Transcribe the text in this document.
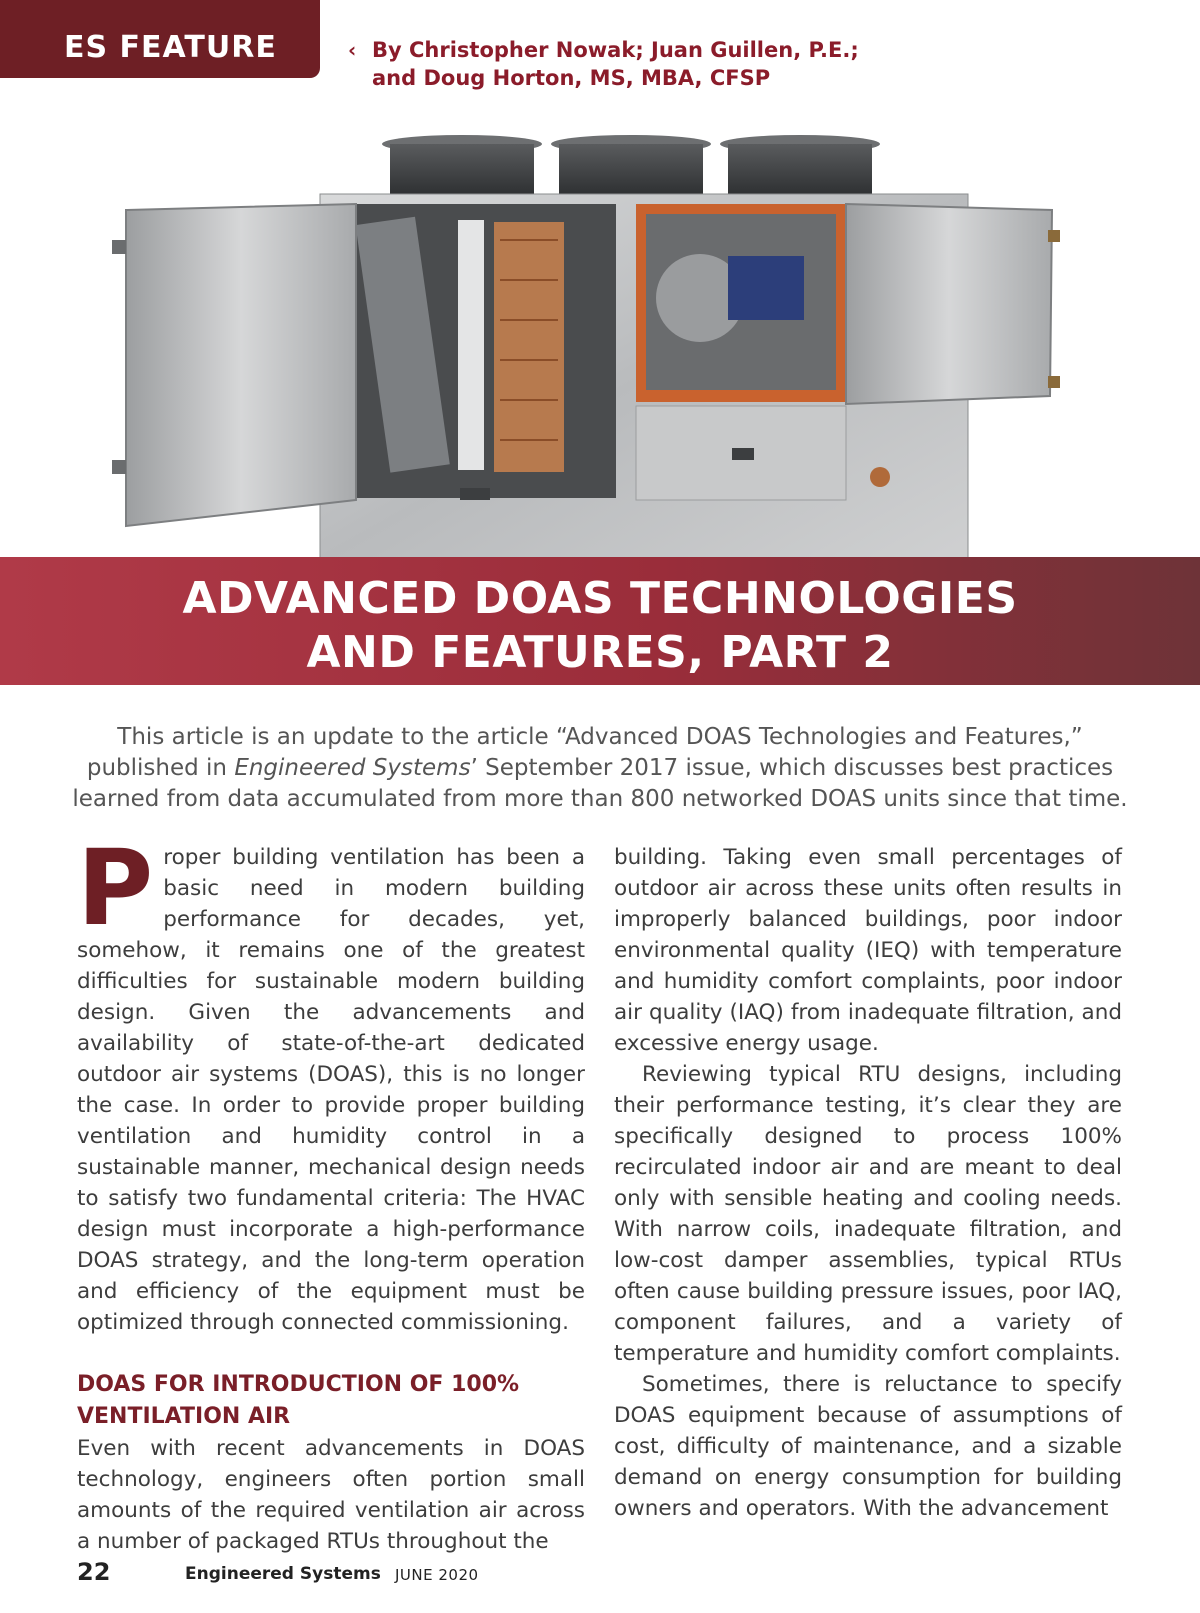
ES FEATURE	‹ By Christopher Nowak; Juan Guillen, P.E.;
and Doug Horton, MS, MBA, CFSP
ADVANCED DOAS TECHNOLOGIES
AND FEATURES, PART 2
This article is an update to the article “Advanced DOAS Technologies and Features,” published in Engineered Systems’ September 2017 issue, which discusses best practices learned from data accumulated from more than 800 networked DOAS units since that time.

Proper building ventilation has been a basic need in modern building performance for decades, yet, somehow, it remains one of the greatest difficulties for sustainable modern building design. Given the advancements and availability of state-of-the-art dedicated outdoor air systems (DOAS), this is no longer the case. In order to provide proper building ventilation and humidity control in a sustainable manner, mechanical design needs to satisfy two fundamental criteria: The HVAC design must incorporate a high-performance DOAS strategy, and the long-term operation and efficiency of the equipment must be optimized through connected commissioning.

DOAS FOR INTRODUCTION OF 100% VENTILATION AIR

Even with recent advancements in DOAS technology, engineers often portion small amounts of the required ventilation air across a number of packaged RTUs throughout the

building. Taking even small percentages of outdoor air across these units often results in improperly balanced buildings, poor indoor environmental quality (IEQ) with temperature and humidity comfort complaints, poor indoor air quality (IAQ) from inadequate filtration, and excessive energy usage.

Reviewing typical RTU designs, including their performance testing, it’s clear they are specifically designed to process 100% recirculated indoor air and are meant to deal only with sensible heating and cooling needs. With narrow coils, inadequate filtration, and low-cost damper assemblies, typical RTUs often cause building pressure issues, poor IAQ, component failures, and a variety of temperature and humidity comfort complaints.

Sometimes, there is reluctance to specify DOAS equipment because of assumptions of cost, difficulty of maintenance, and a sizable demand on energy consumption for building owners and operators. With the advancement

22	Engineered Systems JUNE 2020
